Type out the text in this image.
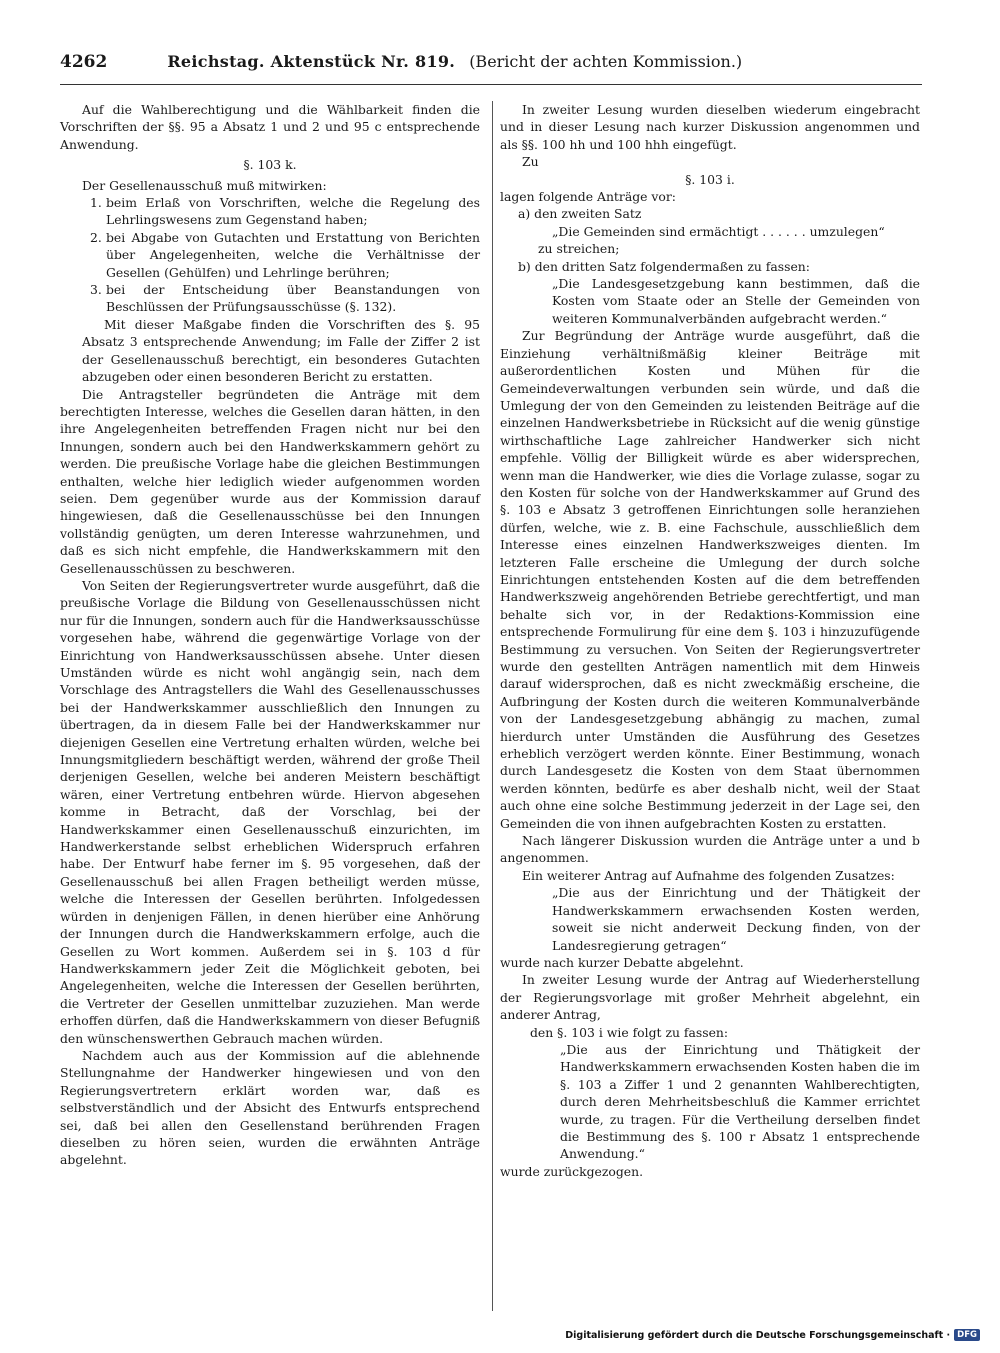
4262	Reichstag. Aktenstück Nr. 819. (Bericht der achten Kommission.)

Auf die Wahlberechtigung und die Wählbarkeit finden die Vorschriften der §§. 95 a Absatz 1 und 2 und 95 c entsprechende Anwendung.

§. 103 k.

Der Gesellenausschuß muß mitwirken:

1. beim Erlaß von Vorschriften, welche die Regelung des Lehrlingswesens zum Gegenstand haben;
2. bei Abgabe von Gutachten und Erstattung von Berichten über Angelegenheiten, welche die Verhältnisse der Gesellen (Gehülfen) und Lehrlinge berühren;
3. bei der Entscheidung über Beanstandungen von Beschlüssen der Prüfungsausschüsse (§. 132).

Mit dieser Maßgabe finden die Vorschriften des §. 95 Absatz 3 entsprechende Anwendung; im Falle der Ziffer 2 ist der Gesellenausschuß berechtigt, ein besonderes Gutachten abzugeben oder einen besonderen Bericht zu erstatten.

Die Antragsteller begründeten die Anträge mit dem berechtigten Interesse, welches die Gesellen daran hätten, in den ihre Angelegenheiten betreffenden Fragen nicht nur bei den Innungen, sondern auch bei den Handwerkskammern gehört zu werden. Die preußische Vorlage habe die gleichen Bestimmungen enthalten, welche hier lediglich wieder aufgenommen worden seien. Dem gegenüber wurde aus der Kommission darauf hingewiesen, daß die Gesellenausschüsse bei den Innungen vollständig genügten, um deren Interesse wahrzunehmen, und daß es sich nicht empfehle, die Handwerkskammern mit den Gesellenausschüssen zu beschweren.

Von Seiten der Regierungsvertreter wurde ausgeführt, daß die preußische Vorlage die Bildung von Gesellenausschüssen nicht nur für die Innungen, sondern auch für die Handwerksausschüsse vorgesehen habe, während die gegenwärtige Vorlage von der Einrichtung von Handwerksausschüssen absehe. Unter diesen Umständen würde es nicht wohl angängig sein, nach dem Vorschlage des Antragstellers die Wahl des Gesellenausschusses bei der Handwerkskammer ausschließlich den Innungen zu übertragen, da in diesem Falle bei der Handwerkskammer nur diejenigen Gesellen eine Vertretung erhalten würden, welche bei Innungsmitgliedern beschäftigt werden, während der große Theil derjenigen Gesellen, welche bei anderen Meistern beschäftigt wären, einer Vertretung entbehren würde. Hiervon abgesehen komme in Betracht, daß der Vorschlag, bei der Handwerkskammer einen Gesellenausschuß einzurichten, im Handwerkerstande selbst erheblichen Widerspruch erfahren habe. Der Entwurf habe ferner im §. 95 vorgesehen, daß der Gesellenausschuß bei allen Fragen betheiligt werden müsse, welche die Interessen der Gesellen berührten. Infolgedessen würden in denjenigen Fällen, in denen hierüber eine Anhörung der Innungen durch die Handwerkskammern erfolge, auch die Gesellen zu Wort kommen. Außerdem sei in §. 103 d für Handwerkskammern jeder Zeit die Möglichkeit geboten, bei Angelegenheiten, welche die Interessen der Gesellen berührten, die Vertreter der Gesellen unmittelbar zuzuziehen. Man werde erhoffen dürfen, daß die Handwerkskammern von dieser Befugniß den wünschenswerthen Gebrauch machen würden.

Nachdem auch aus der Kommission auf die ablehnende Stellungnahme der Handwerker hingewiesen und von den Regierungsvertretern erklärt worden war, daß es selbstverständlich und der Absicht des Entwurfs entsprechend sei, daß bei allen den Gesellenstand berührenden Fragen dieselben zu hören seien, wurden die erwähnten Anträge abgelehnt.

In zweiter Lesung wurden dieselben wiederum eingebracht und in dieser Lesung nach kurzer Diskussion angenommen und als §§. 100 hh und 100 hhh eingefügt.

Zu

§. 103 i.

lagen folgende Anträge vor:

a) den zweiten Satz

„Die Gemeinden sind ermächtigt . . . . . . umzulegen“

zu streichen;

b) den dritten Satz folgendermaßen zu fassen:

„Die Landesgesetzgebung kann bestimmen, daß die Kosten vom Staate oder an Stelle der Gemeinden von weiteren Kommunalverbänden aufgebracht werden.“

Zur Begründung der Anträge wurde ausgeführt, daß die Einziehung verhältnißmäßig kleiner Beiträge mit außerordentlichen Kosten und Mühen für die Gemeindeverwaltungen verbunden sein würde, und daß die Umlegung der von den Gemeinden zu leistenden Beiträge auf die einzelnen Handwerksbetriebe in Rücksicht auf die wenig günstige wirthschaftliche Lage zahlreicher Handwerker sich nicht empfehle. Völlig der Billigkeit würde es aber widersprechen, wenn man die Handwerker, wie dies die Vorlage zulasse, sogar zu den Kosten für solche von der Handwerkskammer auf Grund des §. 103 e Absatz 3 getroffenen Einrichtungen solle heranziehen dürfen, welche, wie z. B. eine Fachschule, ausschließlich dem Interesse eines einzelnen Handwerkszweiges dienten. Im letzteren Falle erscheine die Umlegung der durch solche Einrichtungen entstehenden Kosten auf die dem betreffenden Handwerkszweig angehörenden Betriebe gerechtfertigt, und man behalte sich vor, in der Redaktions-Kommission eine entsprechende Formulirung für eine dem §. 103 i hinzuzufügende Bestimmung zu versuchen. Von Seiten der Regierungsvertreter wurde den gestellten Anträgen namentlich mit dem Hinweis darauf widersprochen, daß es nicht zweckmäßig erscheine, die Aufbringung der Kosten durch die weiteren Kommunalverbände von der Landesgesetzgebung abhängig zu machen, zumal hierdurch unter Umständen die Ausführung des Gesetzes erheblich verzögert werden könnte. Einer Bestimmung, wonach durch Landesgesetz die Kosten von dem Staat übernommen werden könnten, bedürfe es aber deshalb nicht, weil der Staat auch ohne eine solche Bestimmung jederzeit in der Lage sei, den Gemeinden die von ihnen aufgebrachten Kosten zu erstatten.

Nach längerer Diskussion wurden die Anträge unter a und b angenommen.

Ein weiterer Antrag auf Aufnahme des folgenden Zusatzes:

„Die aus der Einrichtung und der Thätigkeit der Handwerkskammern erwachsenden Kosten werden, soweit sie nicht anderweit Deckung finden, von der Landesregierung getragen“

wurde nach kurzer Debatte abgelehnt.

In zweiter Lesung wurde der Antrag auf Wiederherstellung der Regierungsvorlage mit großer Mehrheit abgelehnt, ein anderer Antrag,

den §. 103 i wie folgt zu fassen:

„Die aus der Einrichtung und Thätigkeit der Handwerkskammern erwachsenden Kosten haben die im §. 103 a Ziffer 1 und 2 genannten Wahlberechtigten, durch deren Mehrheitsbeschluß die Kammer errichtet wurde, zu tragen. Für die Vertheilung derselben findet die Bestimmung des §. 100 r Absatz 1 entsprechende Anwendung.“

wurde zurückgezogen.

Digitalisierung gefördert durch die Deutsche Forschungsgemeinschaft · DFG
